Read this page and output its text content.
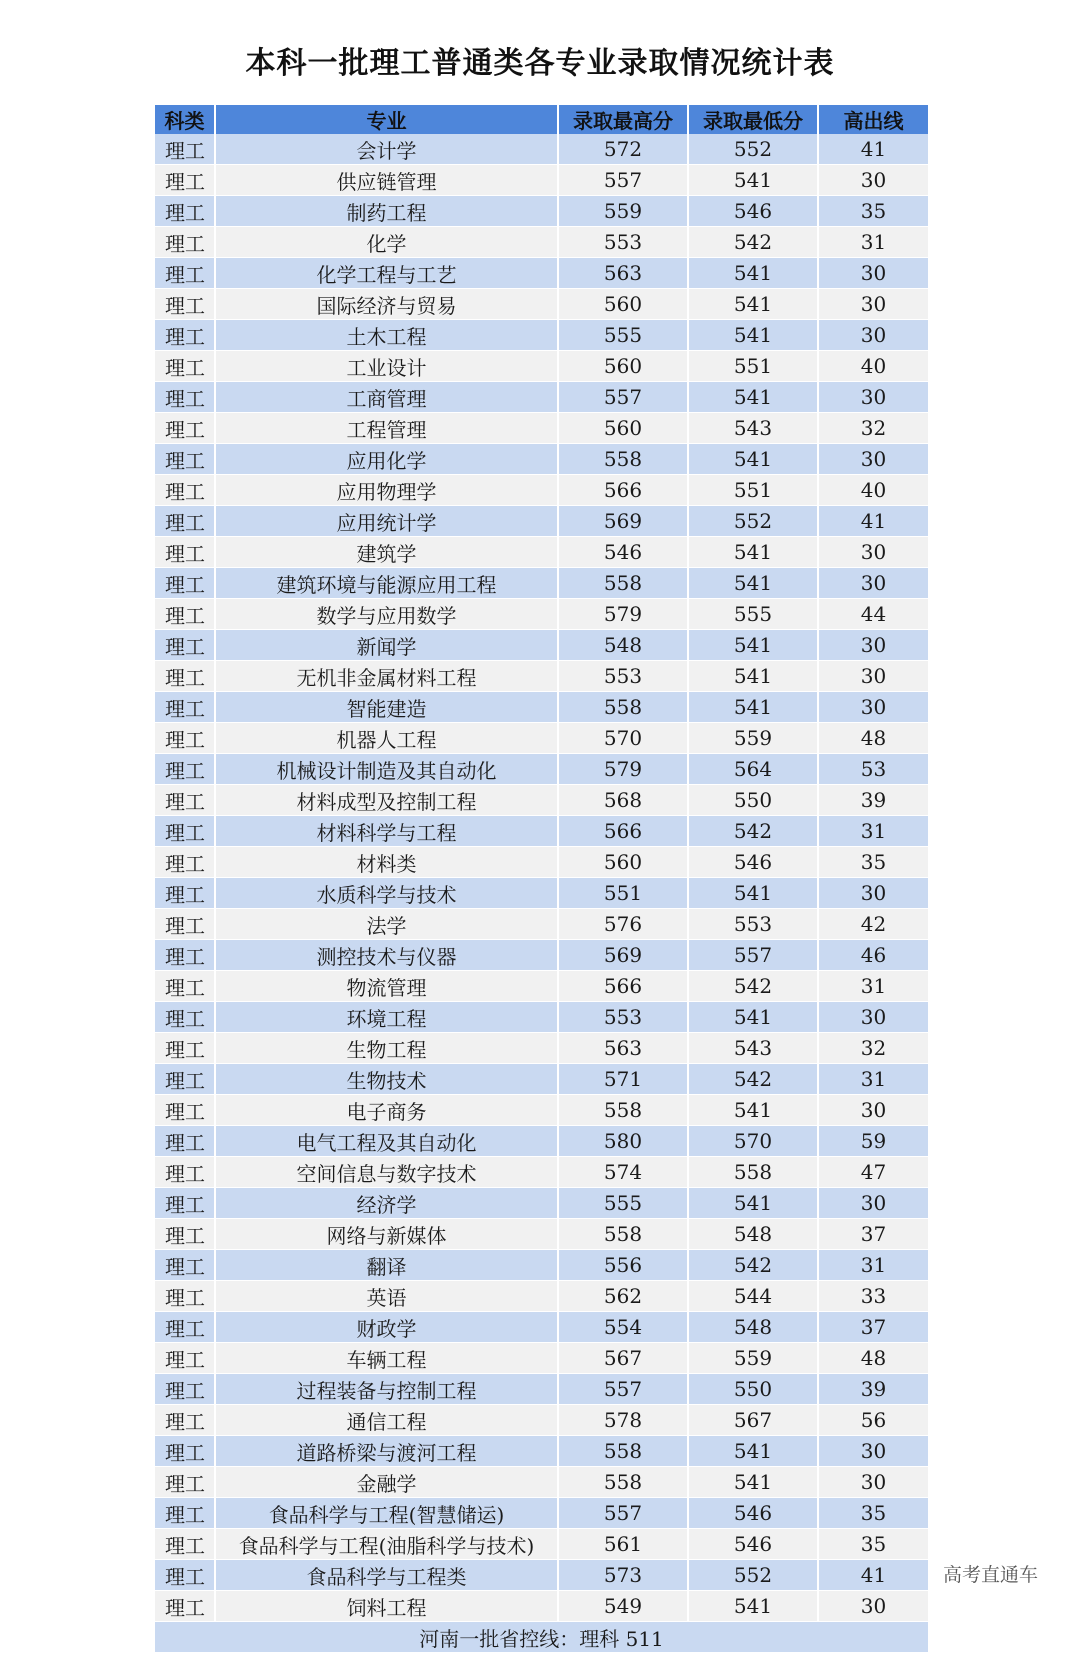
本科一批理工普通类各专业录取情况统计表
科类	专业	录取最高分	录取最低分	高出线
理工	会计学	572	552	41
理工	供应链管理	557	541	30
理工	制药工程	559	546	35
理工	化学	553	542	31
理工	化学工程与工艺	563	541	30
理工	国际经济与贸易	560	541	30
理工	土木工程	555	541	30
理工	工业设计	560	551	40
理工	工商管理	557	541	30
理工	工程管理	560	543	32
理工	应用化学	558	541	30
理工	应用物理学	566	551	40
理工	应用统计学	569	552	41
理工	建筑学	546	541	30
理工	建筑环境与能源应用工程	558	541	30
理工	数学与应用数学	579	555	44
理工	新闻学	548	541	30
理工	无机非金属材料工程	553	541	30
理工	智能建造	558	541	30
理工	机器人工程	570	559	48
理工	机械设计制造及其自动化	579	564	53
理工	材料成型及控制工程	568	550	39
理工	材料科学与工程	566	542	31
理工	材料类	560	546	35
理工	水质科学与技术	551	541	30
理工	法学	576	553	42
理工	测控技术与仪器	569	557	46
理工	物流管理	566	542	31
理工	环境工程	553	541	30
理工	生物工程	563	543	32
理工	生物技术	571	542	31
理工	电子商务	558	541	30
理工	电气工程及其自动化	580	570	59
理工	空间信息与数字技术	574	558	47
理工	经济学	555	541	30
理工	网络与新媒体	558	548	37
理工	翻译	556	542	31
理工	英语	562	544	33
理工	财政学	554	548	37
理工	车辆工程	567	559	48
理工	过程装备与控制工程	557	550	39
理工	通信工程	578	567	56
理工	道路桥梁与渡河工程	558	541	30
理工	金融学	558	541	30
理工	食品科学与工程(智慧储运)	557	546	35
理工	食品科学与工程(油脂科学与技术)	561	546	35
理工	食品科学与工程类	573	552	41
理工	饲料工程	549	541	30
河南一批省控线：理科 511				
高考直通车
